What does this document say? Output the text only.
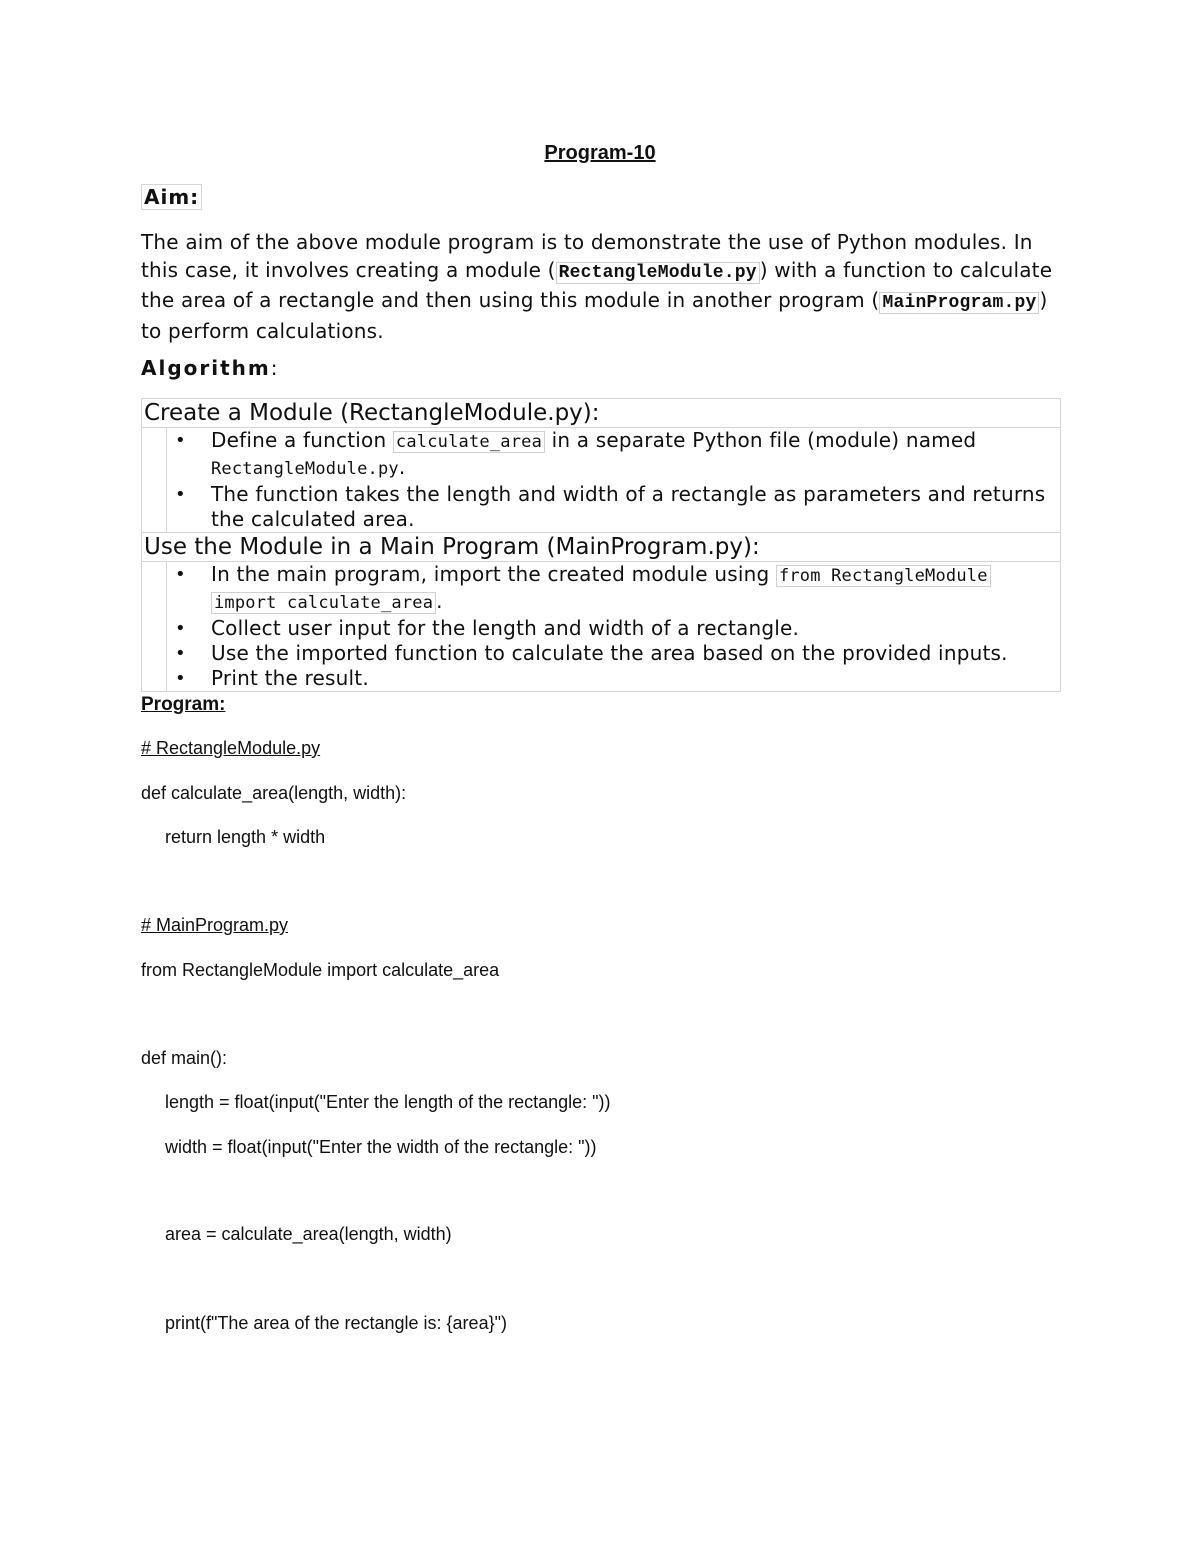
Program-10
Aim:
The aim of the above module program is to demonstrate the use of Python modules. In this case, it involves creating a module ( RectangleModule.py ) with a function to calculate the area of a rectangle and then using this module in another program ( MainProgram.py ) to perform calculations.
Algorithm:
Create a Module (RectangleModule.py):
• Define a function calculate_area in a separate Python file (module) named RectangleModule.py.
• The function takes the length and width of a rectangle as parameters and returns the calculated area.
Use the Module in a Main Program (MainProgram.py):
• In the main program, import the created module using from RectangleModule
import calculate_area .
• Collect user input for the length and width of a rectangle.
• Use the imported function to calculate the area based on the provided inputs.
• Print the result.
Program:
# RectangleModule.py
def calculate_area(length, width):
return length * width
# MainProgram.py
from RectangleModule import calculate_area
def main():
length = float(input("Enter the length of the rectangle: "))
width = float(input("Enter the width of the rectangle: "))
area = calculate_area(length, width)
print(f"The area of the rectangle is: {area}")
